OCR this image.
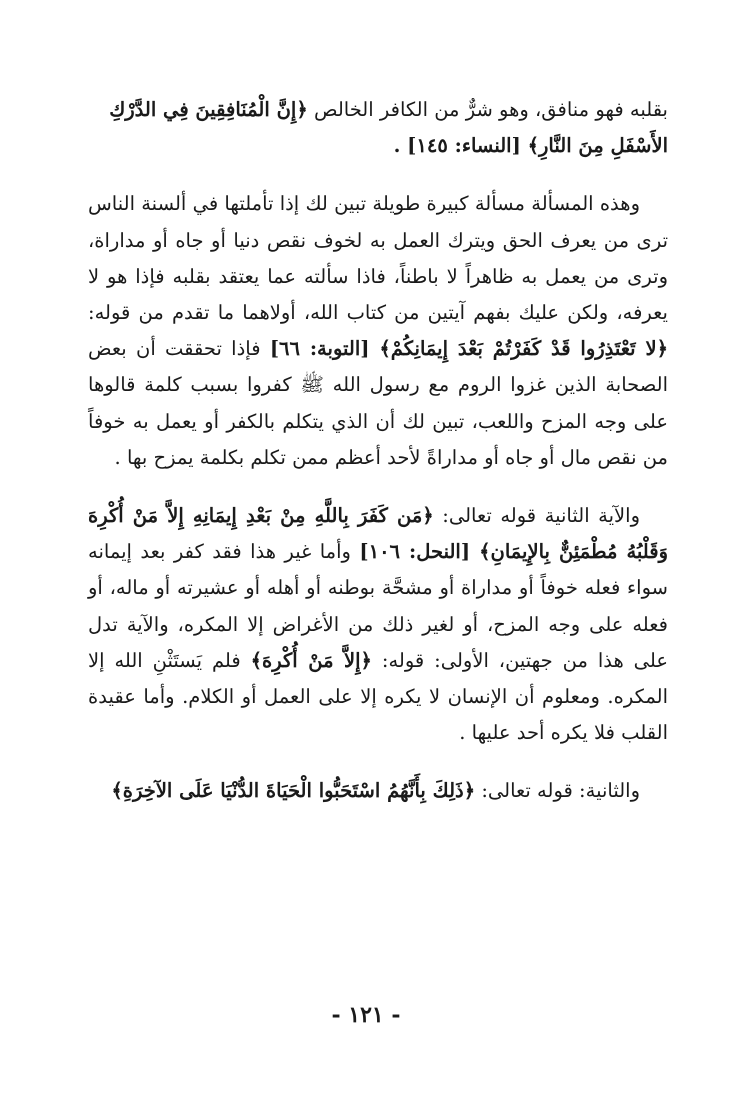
بقلبه فهو منافق، وهو شرٌّ من الكافر الخالص ﴿إِنَّ الْمُنَافِقِينَ فِي الدَّرْكِ الأَسْفَلِ مِنَ النَّارِ﴾ [النساء: ١٤٥] .

وهذه المسألة مسألة كبيرة طويلة تبين لك إذا تأملتها في ألسنة الناس ترى من يعرف الحق ويترك العمل به لخوف نقص دنيا أو جاه أو مداراة، وترى من يعمل به ظاهراً لا باطناً، فاذا سألته عما يعتقد بقلبه فإذا هو لا يعرفه، ولكن عليك بفهم آيتين من كتاب الله، أولاهما ما تقدم من قوله: ﴿لا تَعْتَذِرُوا قَدْ كَفَرْتُمْ بَعْدَ إِيمَانِكُمْ﴾ [التوبة: ٦٦] فإذا تحققت أن بعض الصحابة الذين غزوا الروم مع رسول الله ﷺ كفروا بسبب كلمة قالوها على وجه المزح واللعب، تبين لك أن الذي يتكلم بالكفر أو يعمل به خوفاً من نقص مال أو جاه أو مداراةً لأحد أعظم ممن تكلم بكلمة يمزح بها .

والآية الثانية قوله تعالى: ﴿مَن كَفَرَ بِاللَّهِ مِنْ بَعْدِ إِيمَانِهِ إِلاَّ مَنْ أُكْرِهَ وَقَلْبُهُ مُطْمَئِنٌّ بِالإِيمَانِ﴾ [النحل: ١٠٦] وأما غير هذا فقد كفر بعد إيمانه سواء فعله خوفاً أو مداراة أو مشحَّة بوطنه أو أهله أو عشيرته أو ماله، أو فعله على وجه المزح، أو لغير ذلك من الأغراض إلا المكره، والآية تدل على هذا من جهتين، الأولى: قوله: ﴿إِلاَّ مَنْ أُكْرِهَ﴾ فلم يَستَثْنِ الله إلا المكره. ومعلوم أن الإنسان لا يكره إلا على العمل أو الكلام. وأما عقيدة القلب فلا يكره أحد عليها .

والثانية: قوله تعالى: ﴿ذَلِكَ بِأَنَّهُمُ اسْتَحَبُّوا الْحَيَاةَ الدُّنْيَا عَلَى الآخِرَةِ﴾

- ١٢١ -
